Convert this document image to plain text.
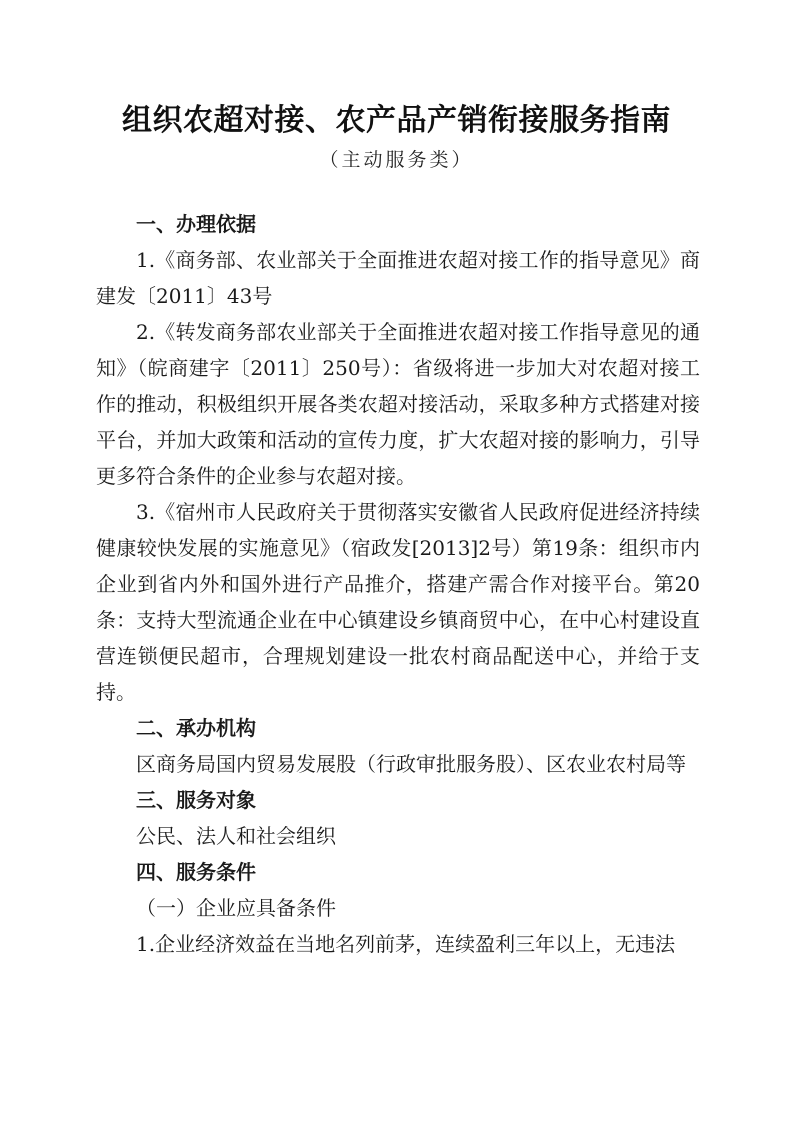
组织农超对接、农产品产销衔接服务指南
（主动服务类）

一、办理依据

1.《商务部、农业部关于全面推进农超对接工作的指导意见》商建发〔2011〕43号

2.《转发商务部农业部关于全面推进农超对接工作指导意见的通知》（皖商建字〔2011〕250号）：省级将进一步加大对农超对接工作的推动，积极组织开展各类农超对接活动，采取多种方式搭建对接平台，并加大政策和活动的宣传力度，扩大农超对接的影响力，引导更多符合条件的企业参与农超对接。

3.《宿州市人民政府关于贯彻落实安徽省人民政府促进经济持续健康较快发展的实施意见》（宿政发[2013]2号）第19条：组织市内企业到省内外和国外进行产品推介，搭建产需合作对接平台。第20条：支持大型流通企业在中心镇建设乡镇商贸中心，在中心村建设直营连锁便民超市，合理规划建设一批农村商品配送中心，并给于支持。

二、承办机构

区商务局国内贸易发展股（行政审批服务股）、区农业农村局等

三、服务对象

公民、法人和社会组织

四、服务条件

（一）企业应具备条件

1.企业经济效益在当地名列前茅，连续盈利三年以上，无违法
